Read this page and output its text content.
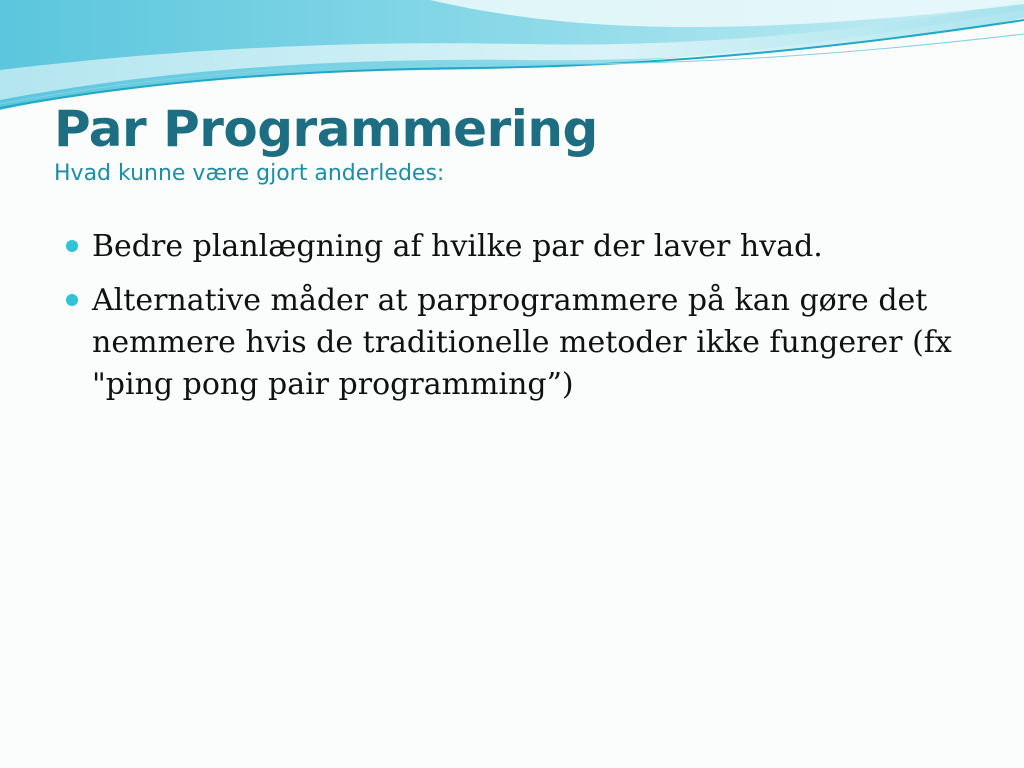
Par Programmering

Hvad kunne være gjort anderledes:

Bedre planlægning af hvilke par der laver hvad.
Alternative måder at parprogrammere på kan gøre det nemmere hvis de traditionelle metoder ikke fungerer (fx "ping pong pair programming”)
